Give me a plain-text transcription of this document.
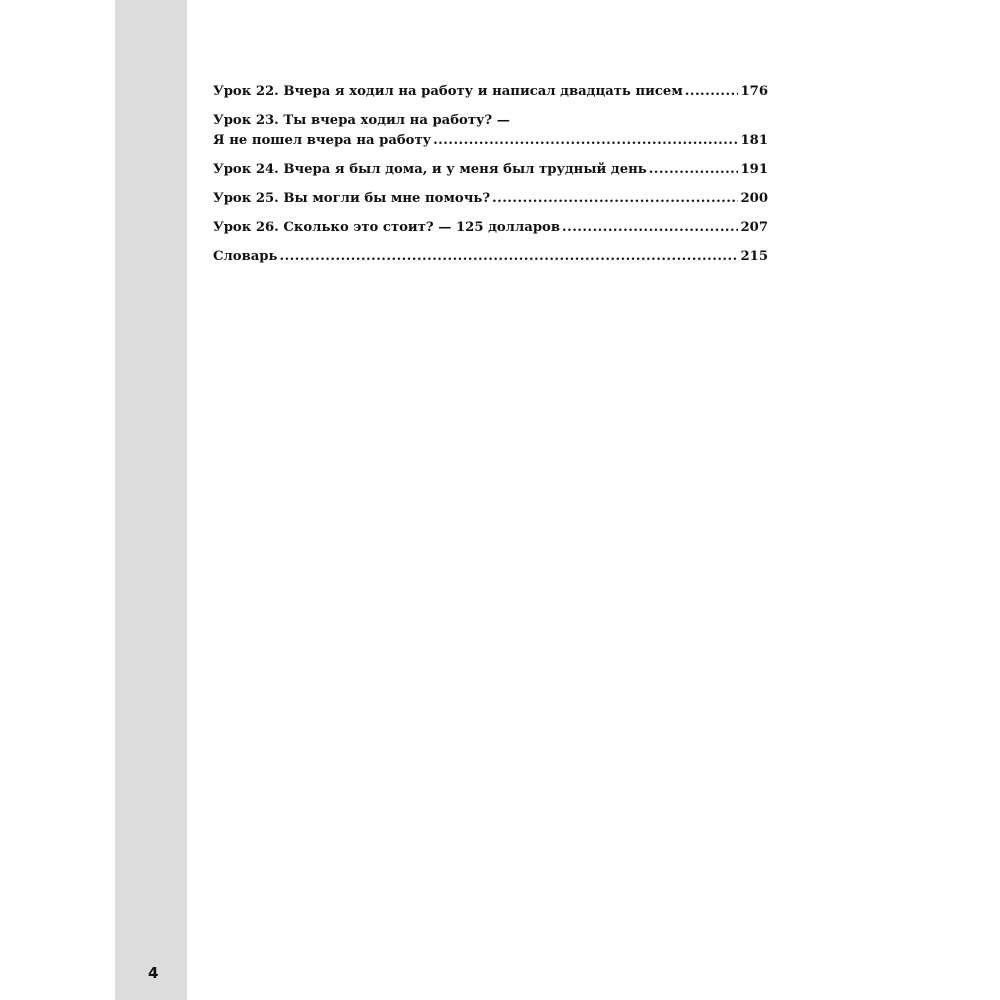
Урок 22. Вчера я ходил на работу и написал двадцать писем .....	176
Урок 23. Ты вчера ходил на работу? —
Я не пошел вчера на работу .....	181
Урок 24. Вчера я был дома, и у меня был трудный день .....	191
Урок 25. Вы могли бы мне помочь? .....	200
Урок 26. Сколько это стоит? — 125 долларов .....	207
Словарь .....	215
4
